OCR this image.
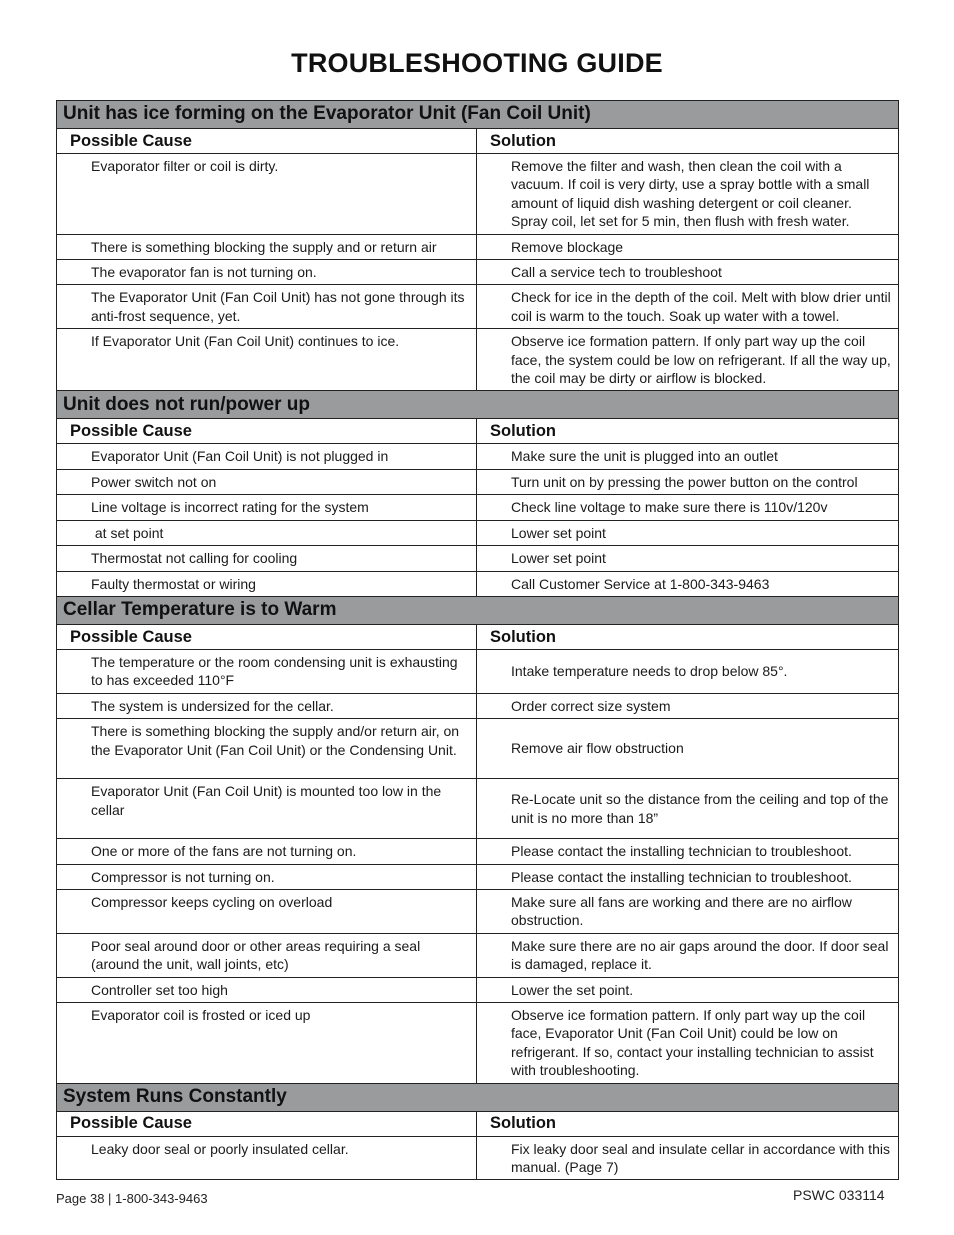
TROUBLESHOOTING GUIDE
Unit has ice forming on the Evaporator Unit (Fan Coil Unit)	
Possible Cause	Solution
Evaporator filter or coil is dirty.	Remove the filter and wash, then clean the coil with a vacuum. If coil is very dirty, use a spray bottle with a small amount of liquid dish washing detergent or coil cleaner. Spray coil, let set for 5 min, then flush with fresh water.
There is something blocking the supply and or return air	Remove blockage
The evaporator fan is not turning on.	Call a service tech to troubleshoot
The Evaporator Unit (Fan Coil Unit) has not gone through its anti-frost sequence, yet.	Check for ice in the depth of the coil. Melt with blow drier until coil is warm to the touch. Soak up water with a towel.
If Evaporator Unit (Fan Coil Unit) continues to ice.	Observe ice formation pattern. If only part way up the coil face, the system could be low on refrigerant. If all the way up, the coil may be dirty or airflow is blocked.
Unit does not run/power up	
Possible Cause	Solution
Evaporator Unit (Fan Coil Unit) is not plugged in	Make sure the unit is plugged into an outlet
Power switch not on	Turn unit on by pressing the power button on the control
Line voltage is incorrect rating for the system	Check line voltage to make sure there is 110v/120v
at set point	Lower set point
Thermostat not calling for cooling	Lower set point
Faulty thermostat or wiring	Call Customer Service at 1-800-343-9463
Cellar Temperature is to Warm	
Possible Cause	Solution
The temperature or the room condensing unit is exhausting to has exceeded 110°F	Intake temperature needs to drop below 85°.
The system is undersized for the cellar.	Order correct size system
There is something blocking the supply and/or return air, on the Evaporator Unit (Fan Coil Unit) or the Condensing Unit.	Remove air flow obstruction
Evaporator Unit (Fan Coil Unit) is mounted too low in the cellar	Re-Locate unit so the distance from the ceiling and top of the unit is no more than 18”
One or more of the fans are not turning on.	Please contact the installing technician to troubleshoot.
Compressor is not turning on.	Please contact the installing technician to troubleshoot.
Compressor keeps cycling on overload	Make sure all fans are working and there are no airflow obstruction.
Poor seal around door or other areas requiring a seal (around the unit, wall joints, etc)	Make sure there are no air gaps around the door. If door seal is damaged, replace it.
Controller set too high	Lower the set point.
Evaporator coil is frosted or iced up	Observe ice formation pattern. If only part way up the coil face, Evaporator Unit (Fan Coil Unit) could be low on refrigerant. If so, contact your installing technician to assist with troubleshooting.
System Runs Constantly	
Possible Cause	Solution
Leaky door seal or poorly insulated cellar.	Fix leaky door seal and insulate cellar in accordance with this manual. (Page 7)
Page 38 | 1-800-343-9463	PSWC 033114
